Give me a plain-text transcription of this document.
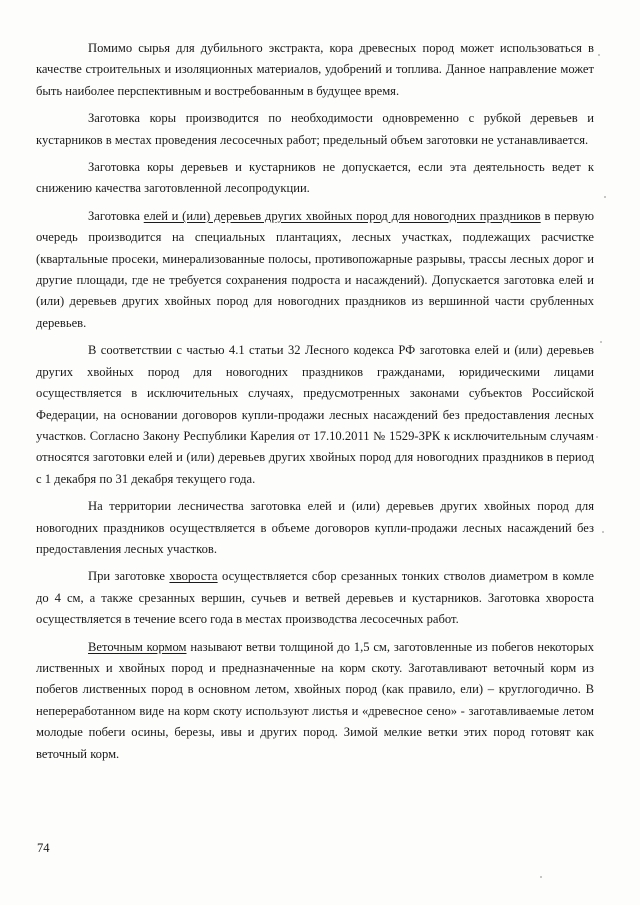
Помимо сырья для дубильного экстракта, кора древесных пород может использоваться в качестве строительных и изоляционных материалов, удобрений и топлива. Данное направление может быть наиболее перспективным и востребованным в будущее время.

Заготовка коры производится по необходимости одновременно с рубкой деревьев и кустарников в местах проведения лесосечных работ; предельный объем заготовки не устанавливается.

Заготовка коры деревьев и кустарников не допускается, если эта деятельность ведет к снижению качества заготовленной лесопродукции.

Заготовка елей и (или) деревьев других хвойных пород для новогодних праздников в первую очередь производится на специальных плантациях, лесных участках, подлежащих расчистке (квартальные просеки, минерализованные полосы, противопожарные разрывы, трассы лесных дорог и другие площади, где не требуется сохранения подроста и насаждений). Допускается заготовка елей и (или) деревьев других хвойных пород для новогодних праздников из вершинной части срубленных деревьев.

В соответствии с частью 4.1 статьи 32 Лесного кодекса РФ заготовка елей и (или) деревьев других хвойных пород для новогодних праздников гражданами, юридическими лицами осуществляется в исключительных случаях, предусмотренных законами субъектов Российской Федерации, на основании договоров купли-продажи лесных насаждений без предоставления лесных участков. Согласно Закону Республики Карелия от 17.10.2011 № 1529-ЗРК к исключительным случаям относятся заготовки елей и (или) деревьев других хвойных пород для новогодних праздников в период с 1 декабря по 31 декабря текущего года.

На территории лесничества заготовка елей и (или) деревьев других хвойных пород для новогодних праздников осуществляется в объеме договоров купли-продажи лесных насаждений без предоставления лесных участков.

При заготовке хвороста осуществляется сбор срезанных тонких стволов диаметром в комле до 4 см, а также срезанных вершин, сучьев и ветвей деревьев и кустарников. Заготовка хвороста осуществляется в течение всего года в местах производства лесосечных работ.

Веточным кормом называют ветви толщиной до 1,5 см, заготовленные из побегов некоторых лиственных и хвойных пород и предназначенные на корм скоту. Заготавливают веточный корм из побегов лиственных пород в основном летом, хвойных пород (как правило, ели) – круглогодично. В непереработанном виде на корм скоту используют листья и «древесное сено» - заготавливаемые летом молодые побеги осины, березы, ивы и других пород. Зимой мелкие ветки этих пород готовят как веточный корм.

74
